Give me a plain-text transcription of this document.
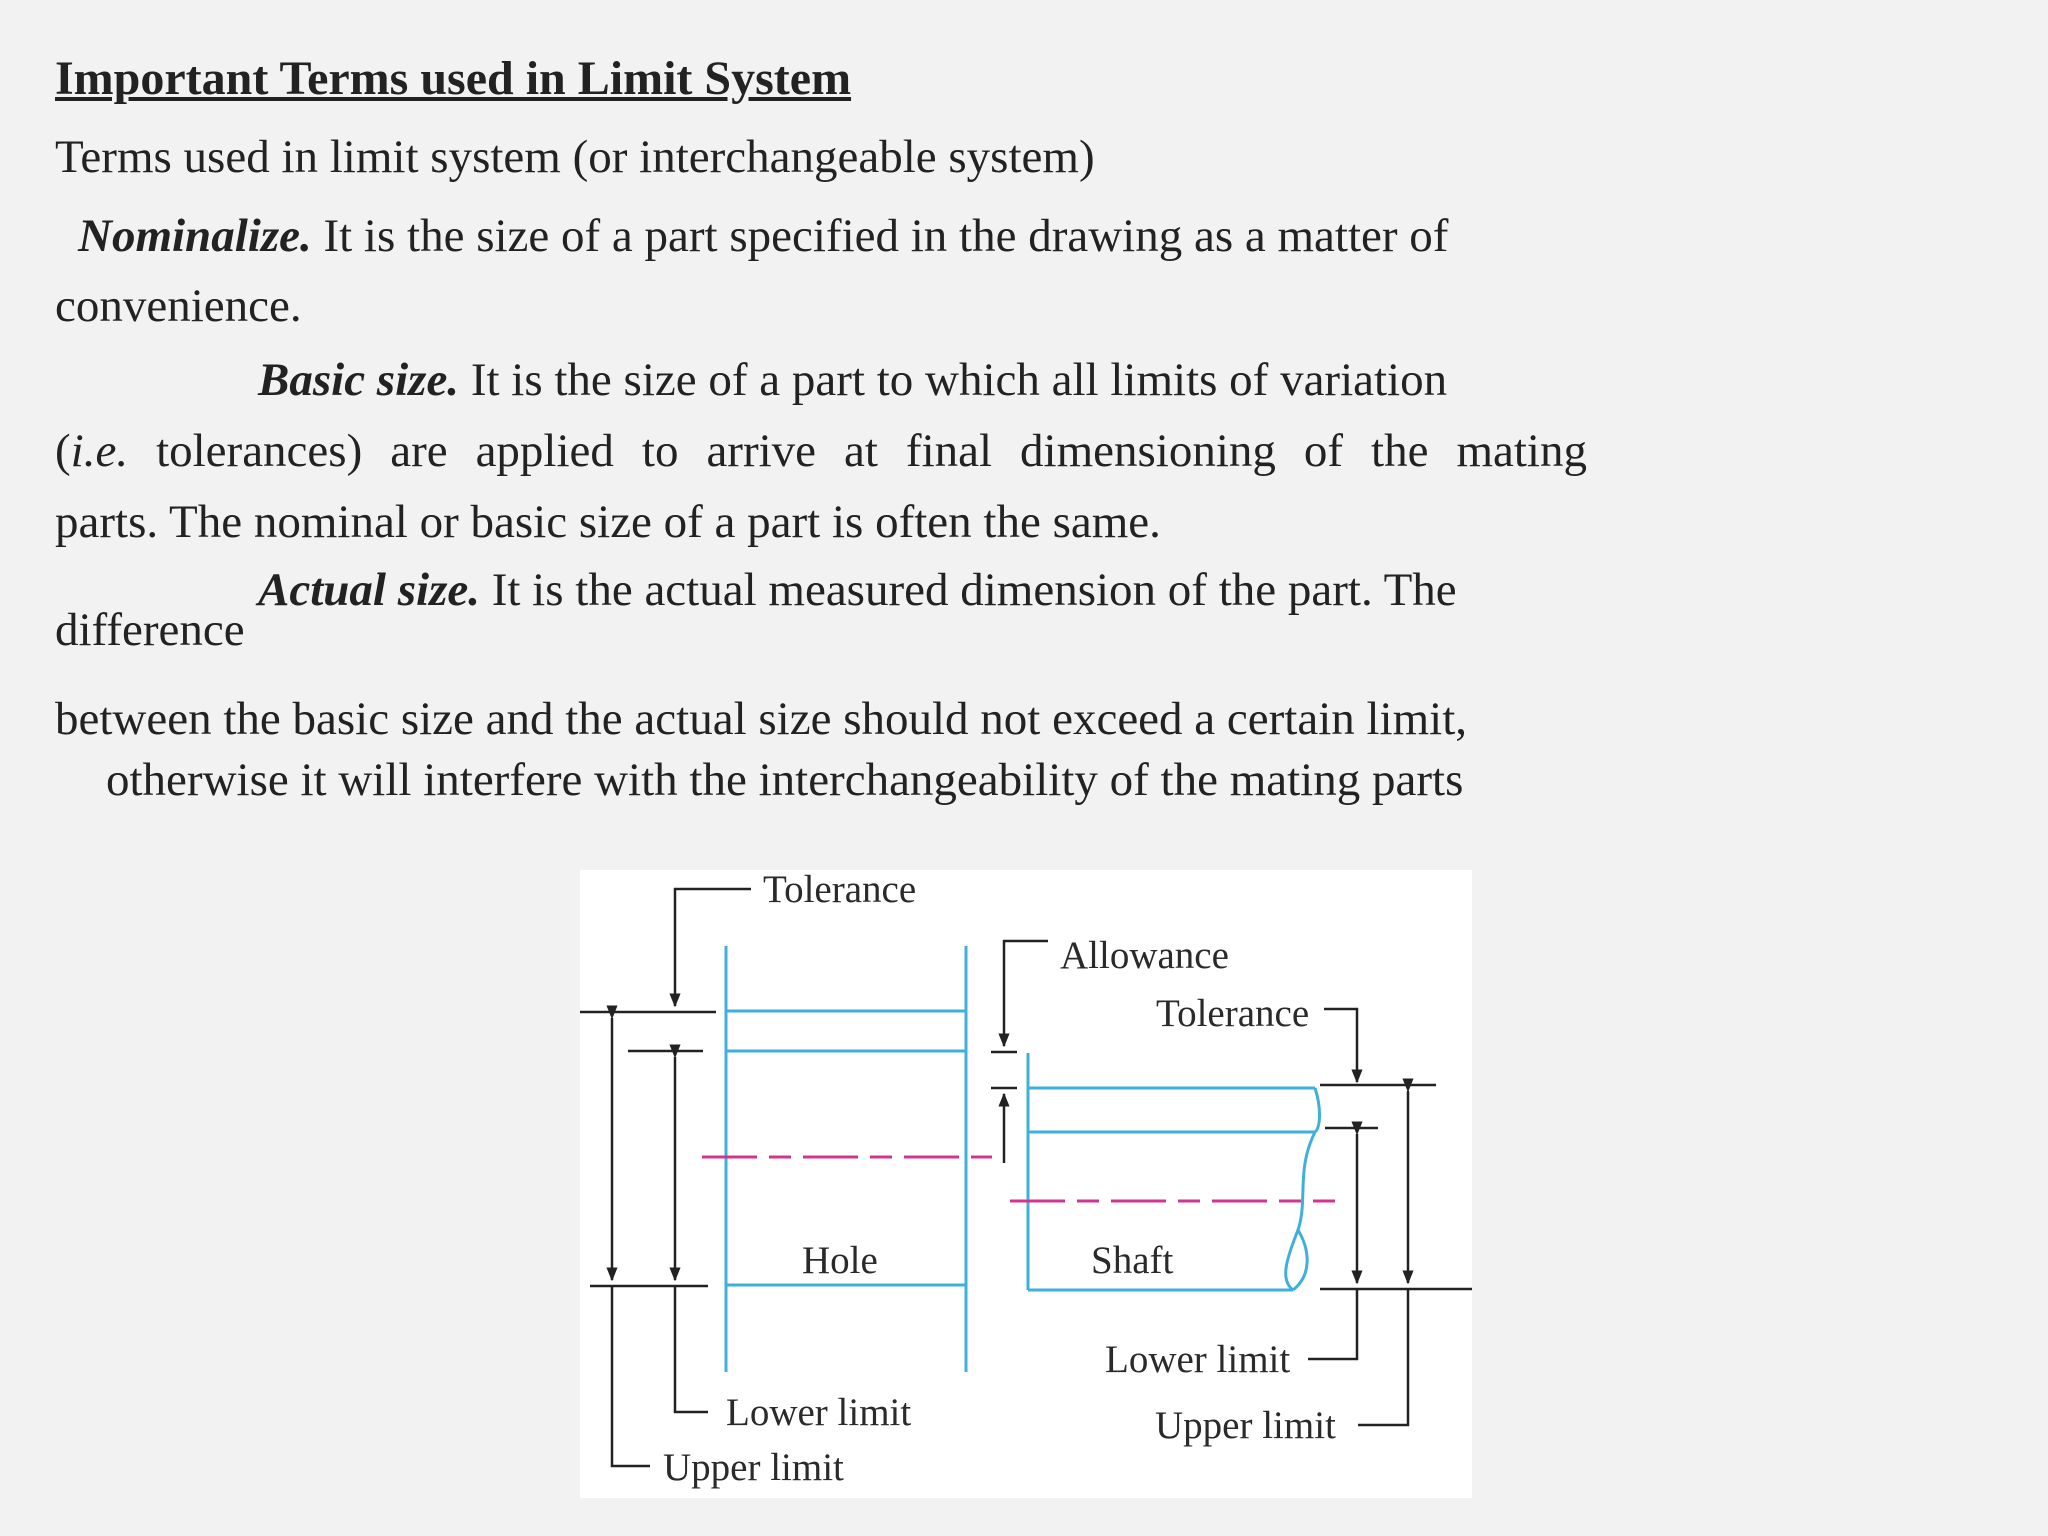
Important Terms used in Limit System
Terms used in limit system (or interchangeable system)
Nominalize. It is the size of a part specified in the drawing as a matter of
convenience.
Basic size. It is the size of a part to which all limits of variation
(i.e. tolerances) are applied to arrive at final dimensioning of the mating
parts. The nominal or basic size of a part is often the same.
Actual size. It is the actual measured dimension of the part. The
difference
between the basic size and the actual size should not exceed a certain limit,
otherwise it will interfere with the interchangeability of the mating parts
Tolerance
Allowance
Tolerance
Hole	Shaft
Lower limit
Upper limit
Lower limit
Upper limit
